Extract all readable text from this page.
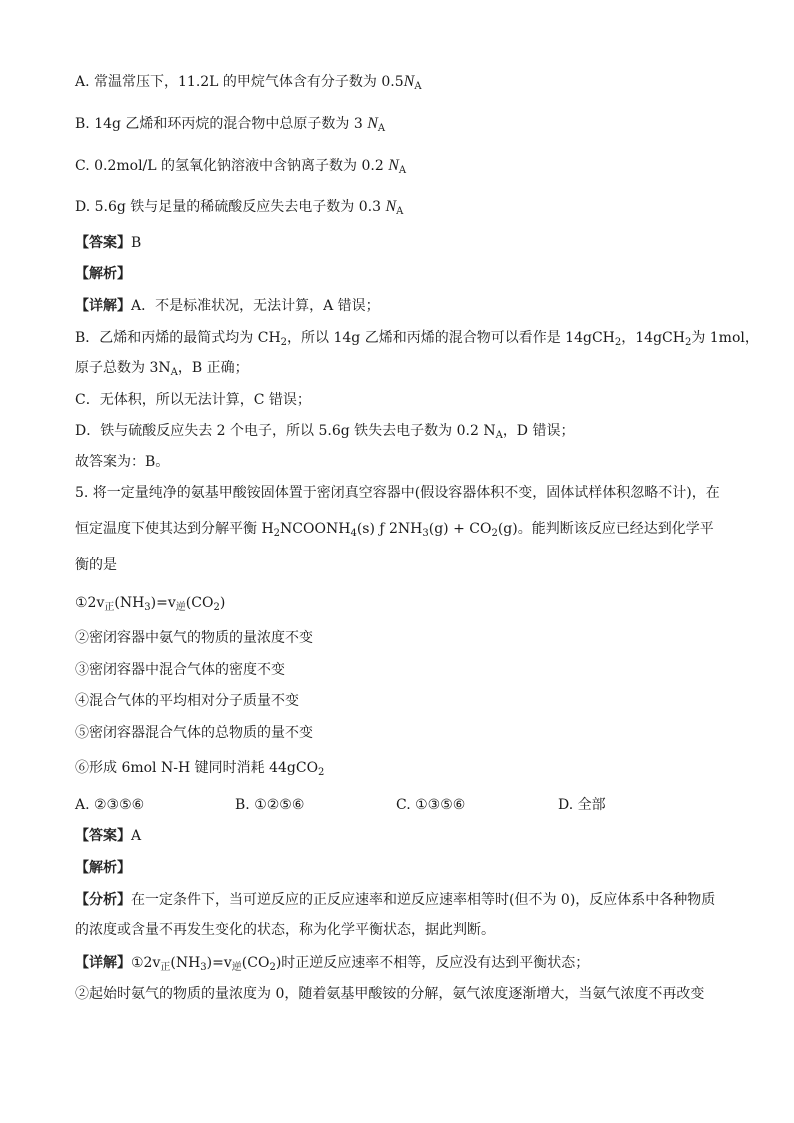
A. 常温常压下，11.2L 的甲烷气体含有分子数为 $0.5N_A$
B. 14g 乙烯和环丙烷的混合物中总原子数为 3 $N_A$
C. 0.2mol/L 的氢氧化钠溶液中含钠离子数为 0.2 $N_A$
D. 5.6g 铁与足量的稀硫酸反应失去电子数为 0.3 $N_A$
【答案】B
【解析】
【详解】A．不是标准状况，无法计算，A 错误；
B．乙烯和丙烯的最简式均为 $CH_2$，所以 14g 乙烯和丙烯的混合物可以看作是 14gCH$_2$，14gCH$_2$为 1mol，
原子总数为 $3N_A$，B 正确；
C．无体积，所以无法计算，C 错误；
D．铁与硫酸反应失去 2 个电子，所以 5.6g 铁失去电子数为 0.2 $N_A$，D 错误；
故答案为：B。
5. 将一定量纯净的氨基甲酸铵固体置于密闭真空容器中(假设容器体积不变，固体试样体积忽略不计)，在
恒定温度下使其达到分解平衡 $H_2NCOONH_4(s)$ ƒ $2NH_3(g) + CO_2(g)$。能判断该反应已经达到化学平
衡的是
$①2v_正(NH_3)=v_逆(CO_2)$
②密闭容器中氨气的物质的量浓度不变
③密闭容器中混合气体的密度不变
④混合气体的平均相对分子质量不变
⑤密闭容器混合气体的总物质的量不变
⑥形成 6mol N-H 键同时消耗 44gCO$_2$
A. ②③⑤⑥	B. ①②⑤⑥	C. ①③⑤⑥	D. 全部
【答案】A
【解析】
【分析】在一定条件下，当可逆反应的正反应速率和逆反应速率相等时(但不为 0)，反应体系中各种物质
的浓度或含量不再发生变化的状态，称为化学平衡状态，据此判断。
【详解】$①2v_正(NH_3)=v_逆(CO_2)$时正逆反应速率不相等，反应没有达到平衡状态；
②起始时氨气的物质的量浓度为 0，随着氨基甲酸铵的分解，氨气浓度逐渐增大，当氨气浓度不再改变
